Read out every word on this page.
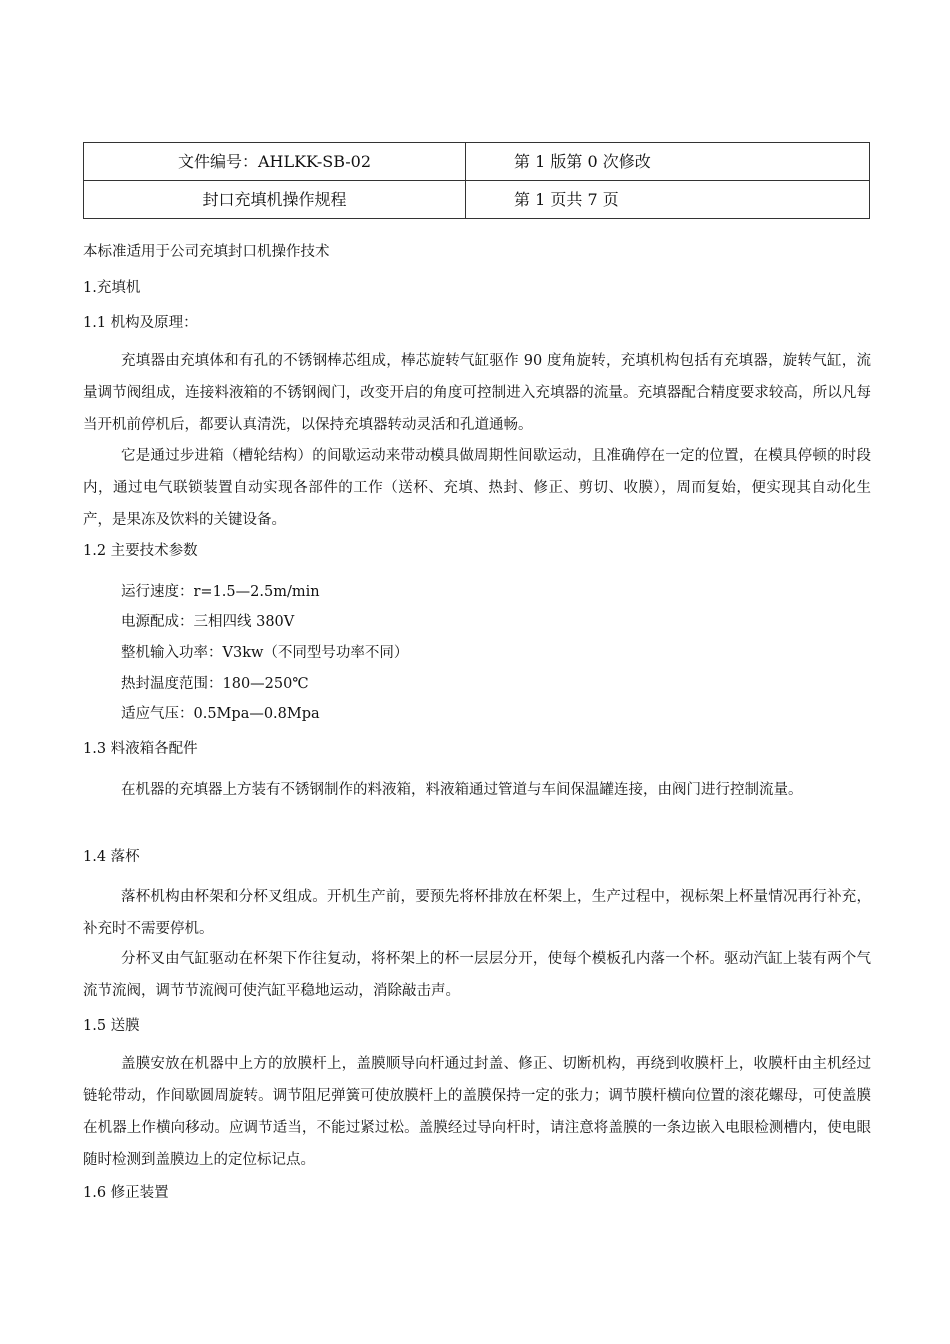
文件编号：AHLKK-SB-02	第 1 版第 0 次修改
封口充填机操作规程	第 1 页共 7 页
本标准适用于公司充填封口机操作技术
1.充填机
1.1 机构及原理：
充填器由充填体和有孔的不锈钢棒芯组成，棒芯旋转气缸驱作 90 度角旋转，充填机构包括有充填器，旋转气缸，流量调节阀组成，连接料液箱的不锈钢阀门，改变开启的角度可控制进入充填器的流量。充填器配合精度要求较高，所以凡每当开机前停机后，都要认真清洗，以保持充填器转动灵活和孔道通畅。
它是通过步进箱（槽轮结构）的间歇运动来带动模具做周期性间歇运动，且准确停在一定的位置，在模具停顿的时段内，通过电气联锁装置自动实现各部件的工作（送杯、充填、热封、修正、剪切、收膜），周而复始，便实现其自动化生产，是果冻及饮料的关键设备。
1.2 主要技术参数
运行速度：r=1.5—2.5m/min
电源配成：三相四线 380V
整机输入功率：V3kw（不同型号功率不同）
热封温度范围：180—250℃
适应气压：0.5Mpa—0.8Mpa
1.3 料液箱各配件
在机器的充填器上方装有不锈钢制作的料液箱，料液箱通过管道与车间保温罐连接，由阀门进行控制流量。
1.4 落杯
落杯机构由杯架和分杯叉组成。开机生产前，要预先将杯排放在杯架上，生产过程中，视标架上杯量情况再行补充，补充时不需要停机。
分杯叉由气缸驱动在杯架下作往复动，将杯架上的杯一层层分开，使每个模板孔内落一个杯。驱动汽缸上装有两个气流节流阀，调节节流阀可使汽缸平稳地运动，消除敲击声。
1.5 送膜
盖膜安放在机器中上方的放膜杆上，盖膜顺导向杆通过封盖、修正、切断机构，再绕到收膜杆上，收膜杆由主机经过链轮带动，作间歇圆周旋转。调节阻尼弹簧可使放膜杆上的盖膜保持一定的张力；调节膜杆横向位置的滚花螺母，可使盖膜在机器上作横向移动。应调节适当，不能过紧过松。盖膜经过导向杆时，请注意将盖膜的一条边嵌入电眼检测槽内，使电眼随时检测到盖膜边上的定位标记点。
1.6 修正装置
